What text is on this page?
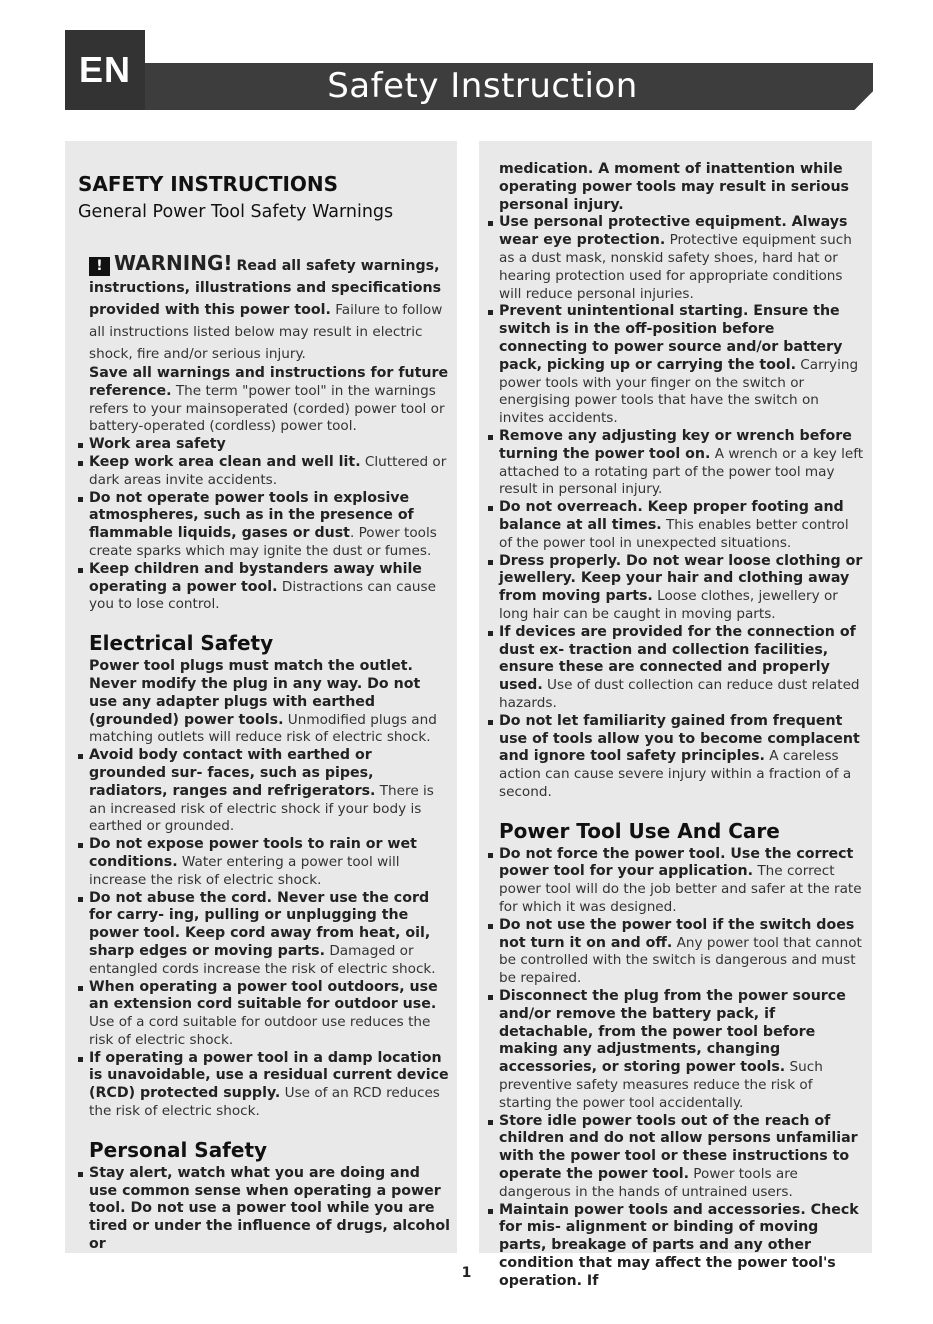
EN	Safety Instruction
SAFETY INSTRUCTIONS
General Power Tool Safety Warnings

! WARNING! Read all safety warnings, instructions, illustrations and specifications provided with this power tool. Failure to follow all instructions listed below may result in electric shock, fire and/or serious injury.

Save all warnings and instructions for future reference. The term "power tool" in the warnings refers to your mainsoperated (corded) power tool or battery-operated (cordless) power tool.

Work area safety

Keep work area clean and well lit. Cluttered or dark areas invite accidents.

Do not operate power tools in explosive atmospheres, such as in the presence of flammable liquids, gases or dust. Power tools create sparks which may ignite the dust or fumes.

Keep children and bystanders away while operating a power tool. Distractions can cause you to lose control.

Electrical Safety

Power tool plugs must match the outlet. Never modify the plug in any way. Do not use any adapter plugs with earthed (grounded) power tools. Unmodified plugs and matching outlets will reduce risk of electric shock.

Avoid body contact with earthed or grounded sur- faces, such as pipes, radiators, ranges and refrigerators. There is an increased risk of electric shock if your body is earthed or grounded.

Do not expose power tools to rain or wet conditions. Water entering a power tool will increase the risk of electric shock.

Do not abuse the cord. Never use the cord for carry- ing, pulling or unplugging the power tool. Keep cord away from heat, oil, sharp edges or moving parts. Damaged or entangled cords increase the risk of electric shock.

When operating a power tool outdoors, use an extension cord suitable for outdoor use. Use of a cord suitable for outdoor use reduces the risk of electric shock.

If operating a power tool in a damp location is unavoidable, use a residual current device (RCD) protected supply. Use of an RCD reduces the risk of electric shock.

Personal Safety

Stay alert, watch what you are doing and use common sense when operating a power tool. Do not use a power tool while you are tired or under the influence of drugs, alcohol or

medication. A moment of inattention while operating power tools may result in serious personal injury.

Use personal protective equipment. Always wear eye protection. Protective equipment such as a dust mask, nonskid safety shoes, hard hat or hearing protection used for appropriate conditions will reduce personal injuries.

Prevent unintentional starting. Ensure the switch is in the off-position before connecting to power source and/or battery pack, picking up or carrying the tool. Carrying power tools with your finger on the switch or energising power tools that have the switch on invites accidents.

Remove any adjusting key or wrench before turning the power tool on. A wrench or a key left attached to a rotating part of the power tool may result in personal injury.

Do not overreach. Keep proper footing and balance at all times. This enables better control of the power tool in unexpected situations.

Dress properly. Do not wear loose clothing or jewellery. Keep your hair and clothing away from moving parts. Loose clothes, jewellery or long hair can be caught in moving parts.

If devices are provided for the connection of dust ex- traction and collection facilities, ensure these are connected and properly used. Use of dust collection can reduce dust related hazards.

Do not let familiarity gained from frequent use of tools allow you to become complacent and ignore tool safety principles. A careless action can cause severe injury within a fraction of a second.

Power Tool Use And Care

Do not force the power tool. Use the correct power tool for your application. The correct power tool will do the job better and safer at the rate for which it was designed.

Do not use the power tool if the switch does not turn it on and off. Any power tool that cannot be controlled with the switch is dangerous and must be repaired.

Disconnect the plug from the power source and/or remove the battery pack, if detachable, from the power tool before making any adjustments, changing accessories, or storing power tools. Such preventive safety measures reduce the risk of starting the power tool accidentally.

Store idle power tools out of the reach of children and do not allow persons unfamiliar with the power tool or these instructions to operate the power tool. Power tools are dangerous in the hands of untrained users.

Maintain power tools and accessories. Check for mis- alignment or binding of moving parts, breakage of parts and any other condition that may affect the power tool's operation. If

1
